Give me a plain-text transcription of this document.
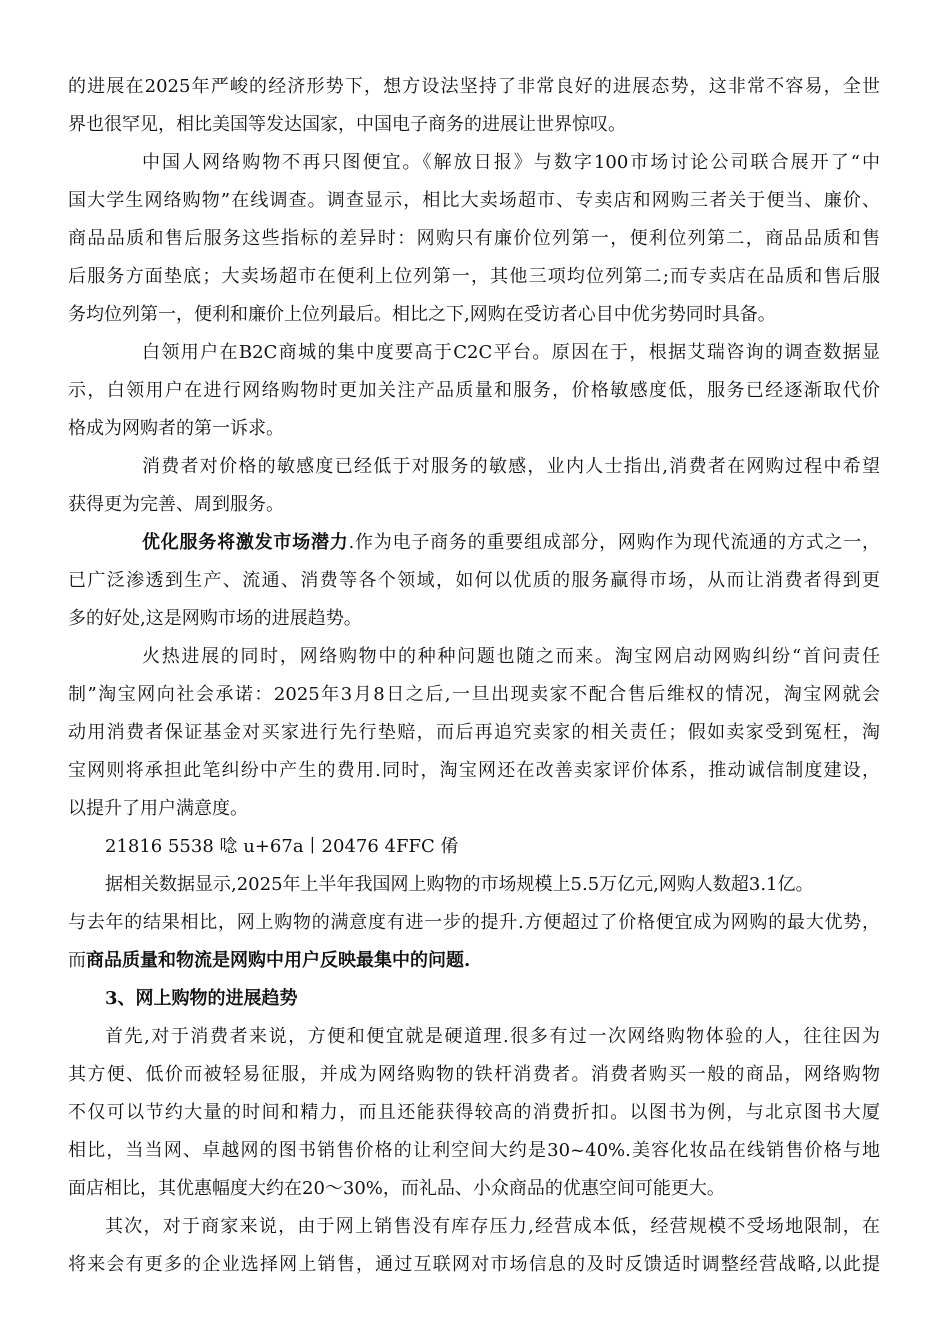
的进展在2025年严峻的经济形势下，想方设法坚持了非常良好的进展态势，这非常不容易，全世
界也很罕见，相比美国等发达国家，中国电子商务的进展让世界惊叹。
中国人网络购物不再只图便宜。《解放日报》与数字100市场讨论公司联合展开了“中
国大学生网络购物”在线调查。调查显示，相比大卖场超市、专卖店和网购三者关于便当、廉价、
商品品质和售后服务这些指标的差异时：网购只有廉价位列第一，便利位列第二，商品品质和售
后服务方面垫底；大卖场超市在便利上位列第一，其他三项均位列第二;而专卖店在品质和售后服
务均位列第一，便利和廉价上位列最后。相比之下,网购在受访者心目中优劣势同时具备。
白领用户在B2C商城的集中度要高于C2C平台。原因在于，根据艾瑞咨询的调查数据显
示，白领用户在进行网络购物时更加关注产品质量和服务，价格敏感度低，服务已经逐渐取代价
格成为网购者的第一诉求。
消费者对价格的敏感度已经低于对服务的敏感，业内人士指出,消费者在网购过程中希望
获得更为完善、周到服务。
优化服务将激发市场潜力.作为电子商务的重要组成部分，网购作为现代流通的方式之一，
已广泛渗透到生产、流通、消费等各个领域，如何以优质的服务赢得市场，从而让消费者得到更
多的好处,这是网购市场的进展趋势。
火热进展的同时，网络购物中的种种问题也随之而来。淘宝网启动网购纠纷“首问责任
制”淘宝网向社会承诺：2025年3月8日之后,一旦出现卖家不配合售后维权的情况，淘宝网就会
动用消费者保证基金对买家进行先行垫赔，而后再追究卖家的相关责任；假如卖家受到冤枉，淘
宝网则将承担此笔纠纷中产生的费用.同时，淘宝网还在改善卖家评价体系，推动诚信制度建设，
以提升了用户满意度。
21816 5538 唸 u+67a丨20476 4FFC 倄
据相关数据显示,2025年上半年我国网上购物的市场规模上5.5万亿元,网购人数超3.1亿。
与去年的结果相比，网上购物的满意度有进一步的提升.方便超过了价格便宜成为网购的最大优势，
而商品质量和物流是网购中用户反映最集中的问题.
3、网上购物的进展趋势
首先,对于消费者来说，方便和便宜就是硬道理.很多有过一次网络购物体验的人，往往因为
其方便、低价而被轻易征服，并成为网络购物的铁杆消费者。消费者购买一般的商品，网络购物
不仅可以节约大量的时间和精力，而且还能获得较高的消费折扣。以图书为例，与北京图书大厦
相比，当当网、卓越网的图书销售价格的让利空间大约是30~40%.美容化妆品在线销售价格与地
面店相比，其优惠幅度大约在20～30%，而礼品、小众商品的优惠空间可能更大。
其次，对于商家来说，由于网上销售没有库存压力,经营成本低，经营规模不受场地限制，在
将来会有更多的企业选择网上销售，通过互联网对市场信息的及时反馈适时调整经营战略,以此提
